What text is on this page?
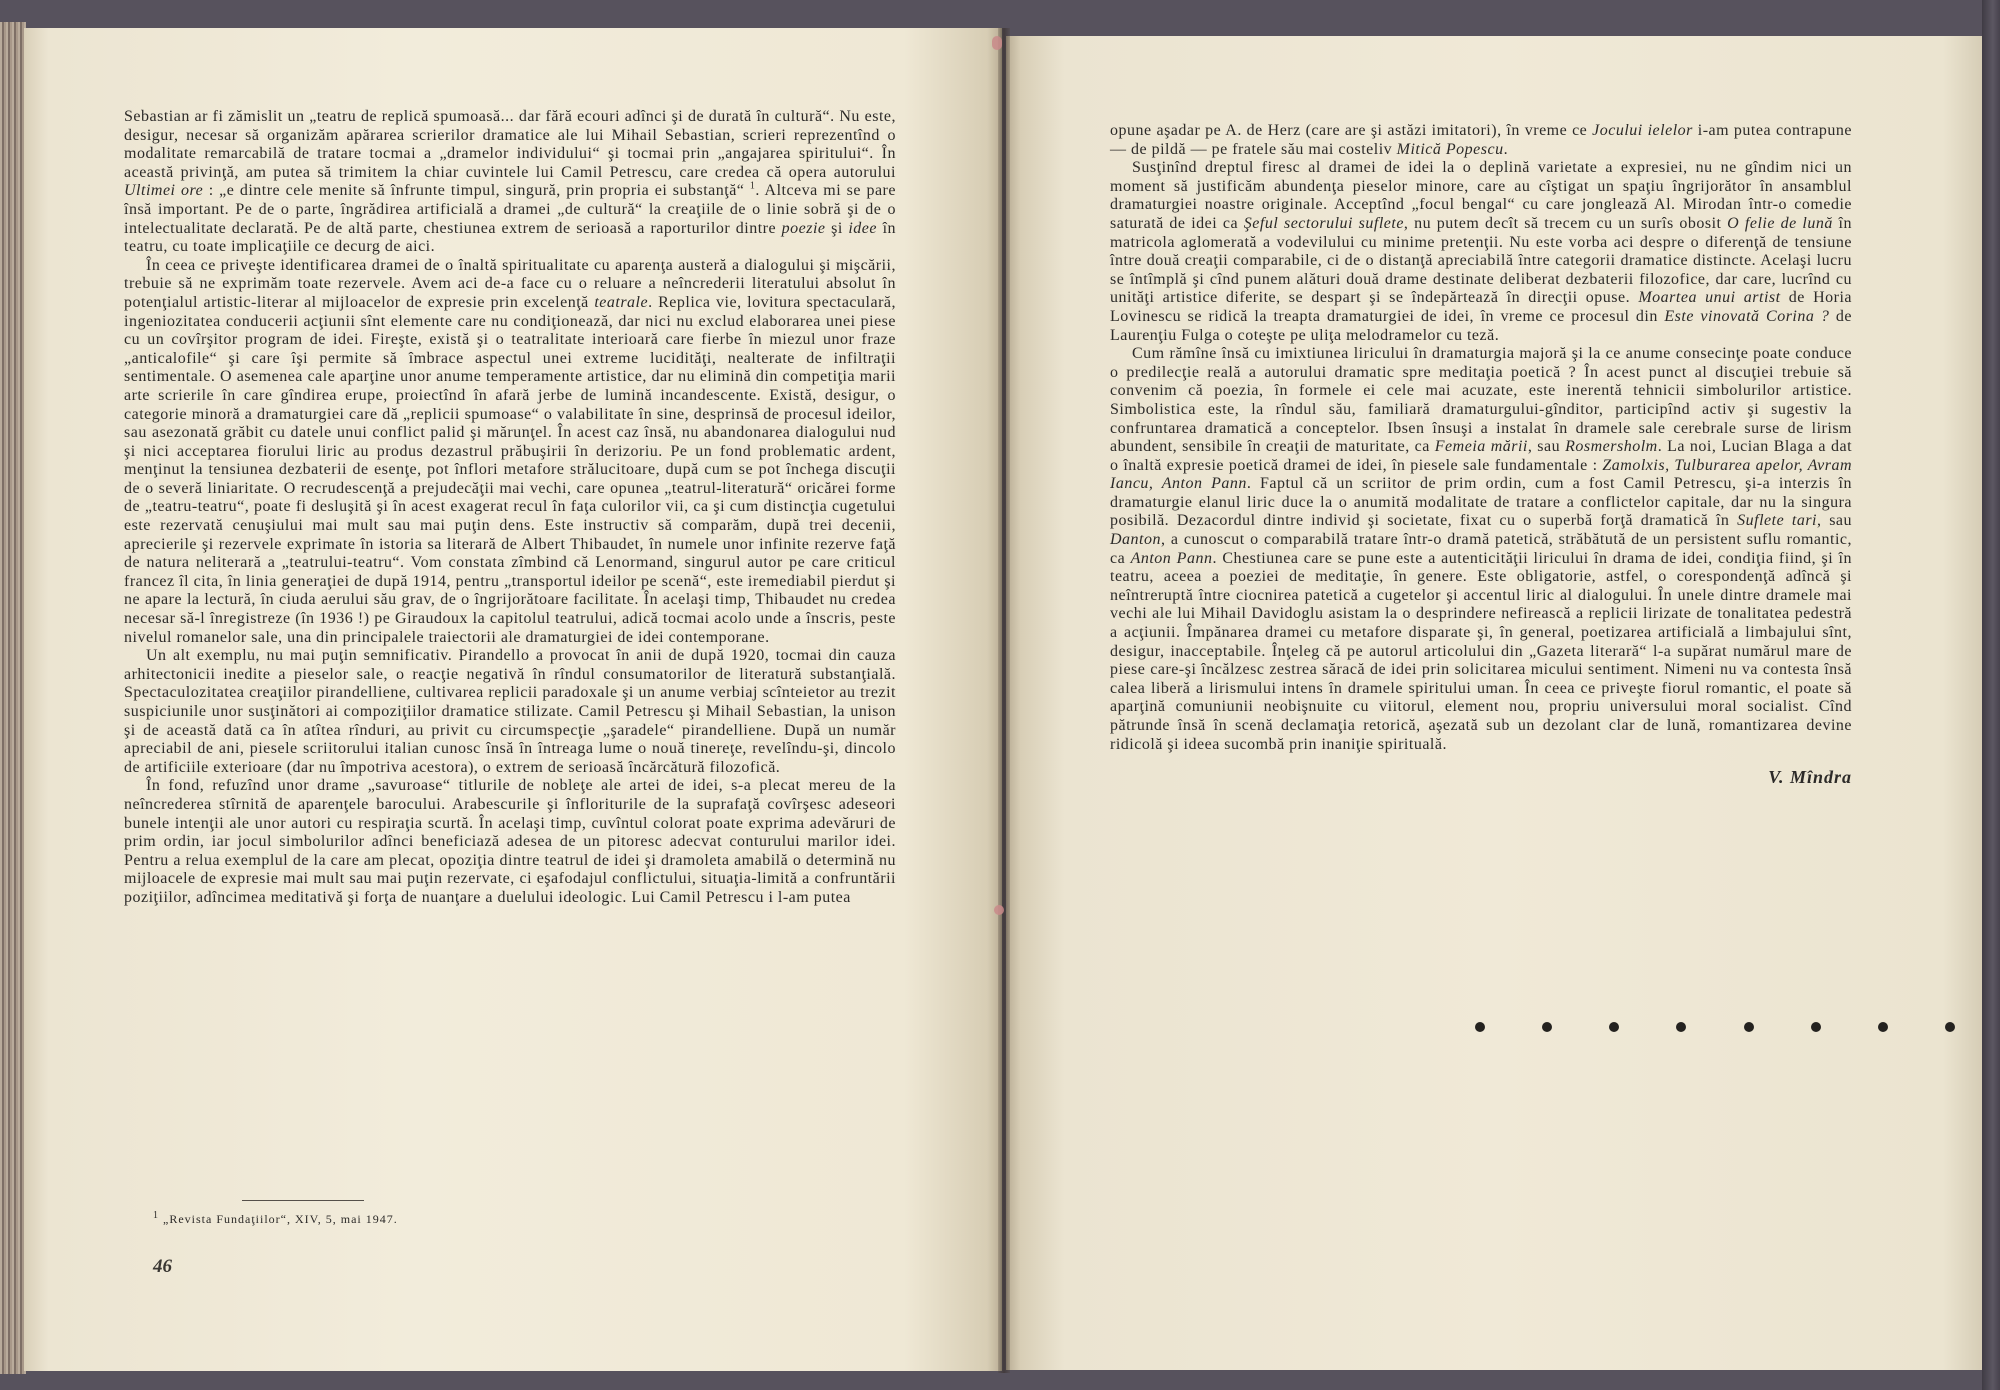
Sebastian ar fi zămislit un „teatru de replică spumoasă... dar fără ecouri adînci şi de durată în cultură“. Nu este, desigur, necesar să organizăm apărarea scrierilor dramatice ale lui Mihail Sebastian, scrieri reprezentînd o modalitate remarcabilă de tratare tocmai a „dramelor individului“ şi tocmai prin „angajarea spiritului“. În această privinţă, am putea să trimitem la chiar cuvintele lui Camil Petrescu, care credea că opera autorului Ultimei ore : „e dintre cele menite să înfrunte timpul, singură, prin propria ei substanţă“ $^1$. Altceva mi se pare însă important. Pe de o parte, îngrădirea artificială a dramei „de cultură“ la creaţiile de o linie sobră şi de o intelectualitate declarată. Pe de altă parte, chestiunea extrem de serioasă a raporturilor dintre poezie şi idee în teatru, cu toate implicaţiile ce decurg de aici.

În ceea ce priveşte identificarea dramei de o înaltă spiritualitate cu aparenţa austeră a dialogului şi mişcării, trebuie să ne exprimăm toate rezervele. Avem aci de-a face cu o reluare a neîncrederii literatului absolut în potenţialul artistic-literar al mijloacelor de expresie prin excelenţă teatrale. Replica vie, lovitura spectaculară, ingeniozitatea conducerii acţiunii sînt elemente care nu condiţionează, dar nici nu exclud elaborarea unei piese cu un covîrşitor program de idei. Fireşte, există şi o teatralitate interioară care fierbe în miezul unor fraze „anticalofile“ şi care îşi permite să îmbrace aspectul unei extreme lucidităţi, nealterate de infiltraţii sentimentale. O asemenea cale aparţine unor anume temperamente artistice, dar nu elimină din competiţia marii arte scrierile în care gîndirea erupe, proiectînd în afară jerbe de lumină incandescente. Există, desigur, o categorie minoră a dramaturgiei care dă „replicii spumoase“ o valabilitate în sine, desprinsă de procesul ideilor, sau asezonată grăbit cu datele unui conflict palid şi mărunţel. În acest caz însă, nu abandonarea dialogului nud şi nici acceptarea fiorului liric au produs dezastrul prăbuşirii în derizoriu. Pe un fond problematic ardent, menţinut la tensiunea dezbaterii de esenţe, pot înflori metafore strălucitoare, după cum se pot închega discuţii de o severă liniaritate. O recrudescenţă a prejudecăţii mai vechi, care opunea „teatrul-literatură“ oricărei forme de „teatru-teatru“, poate fi desluşită şi în acest exagerat recul în faţa culorilor vii, ca şi cum distincţia cugetului este rezervată cenuşiului mai mult sau mai puţin dens. Este instructiv să comparăm, după trei decenii, aprecierile şi rezervele exprimate în istoria sa literară de Albert Thibaudet, în numele unor infinite rezerve faţă de natura neliterară a „teatrului-teatru“. Vom constata zîmbind că Lenormand, singurul autor pe care criticul francez îl cita, în linia generaţiei de după 1914, pentru „transportul ideilor pe scenă“, este iremediabil pierdut şi ne apare la lectură, în ciuda aerului său grav, de o îngrijorătoare facilitate. În acelaşi timp, Thibaudet nu credea necesar să-l înregistreze (în 1936 !) pe Giraudoux la capitolul teatrului, adică tocmai acolo unde a înscris, peste nivelul romanelor sale, una din principalele traiectorii ale dramaturgiei de idei contemporane.

Un alt exemplu, nu mai puţin semnificativ. Pirandello a provocat în anii de după 1920, tocmai din cauza arhitectonicii inedite a pieselor sale, o reacţie negativă în rîndul consumatorilor de literatură substanţială. Spectaculozitatea creaţiilor pirandelliene, cultivarea replicii paradoxale şi un anume verbiaj scînteietor au trezit suspiciunile unor susţinători ai compoziţiilor dramatice stilizate. Camil Petrescu şi Mihail Sebastian, la unison şi de această dată ca în atîtea rînduri, au privit cu circumspecţie „şaradele“ pirandelliene. După un număr apreciabil de ani, piesele scriitorului italian cunosc însă în întreaga lume o nouă tinereţe, revelîndu-şi, dincolo de artificiile exterioare (dar nu împotriva acestora), o extrem de serioasă încărcătură filozofică.

În fond, refuzînd unor drame „savuroase“ titlurile de nobleţe ale artei de idei, s-a plecat mereu de la neîncrederea stîrnită de aparenţele barocului. Arabescurile şi înfloriturile de la suprafaţă covîrşesc adeseori bunele intenţii ale unor autori cu respiraţia scurtă. În acelaşi timp, cuvîntul colorat poate exprima adevăruri de prim ordin, iar jocul simbolurilor adînci beneficiază adesea de un pitoresc adecvat conturului marilor idei. Pentru a relua exemplul de la care am plecat, opoziţia dintre teatrul de idei şi dramoleta amabilă o determină nu mijloacele de expresie mai mult sau mai puţin rezervate, ci eşafodajul conflictului, situaţia-limită a confruntării poziţiilor, adîncimea meditativă şi forţa de nuanţare a duelului ideologic. Lui Camil Petrescu i l-am putea

$^1$ „Revista Fundaţiilor“, XIV, 5, mai 1947.
46

opune aşadar pe A. de Herz (care are şi astăzi imitatori), în vreme ce Jocului ielelor i-am putea contrapune — de pildă — pe fratele său mai costeliv Mitică Popescu.

Susţinînd dreptul firesc al dramei de idei la o deplină varietate a expresiei, nu ne gîndim nici un moment să justificăm abundenţa pieselor minore, care au cîştigat un spaţiu îngrijorător în ansamblul dramaturgiei noastre originale. Acceptînd „focul bengal“ cu care jonglează Al. Mirodan într-o comedie saturată de idei ca Şeful sectorului suflete, nu putem decît să trecem cu un surîs obosit O felie de lună în matricola aglomerată a vodevilului cu minime pretenţii. Nu este vorba aci despre o diferenţă de tensiune între două creaţii comparabile, ci de o distanţă apreciabilă între categorii dramatice distincte. Acelaşi lucru se întîmplă şi cînd punem alături două drame destinate deliberat dezbaterii filozofice, dar care, lucrînd cu unităţi artistice diferite, se despart şi se îndepărtează în direcţii opuse. Moartea unui artist de Horia Lovinescu se ridică la treapta dramaturgiei de idei, în vreme ce procesul din Este vinovată Corina ? de Laurenţiu Fulga o coteşte pe uliţa melodramelor cu teză.

Cum rămîne însă cu imixtiunea liricului în dramaturgia majoră şi la ce anume consecinţe poate conduce o predilecţie reală a autorului dramatic spre meditaţia poetică ? În acest punct al discuţiei trebuie să convenim că poezia, în formele ei cele mai acuzate, este inerentă tehnicii simbolurilor artistice. Simbolistica este, la rîndul său, familiară dramaturgului-gînditor, participînd activ şi sugestiv la confruntarea dramatică a conceptelor. Ibsen însuşi a instalat în dramele sale cerebrale surse de lirism abundent, sensibile în creaţii de maturitate, ca Femeia mării, sau Rosmersholm. La noi, Lucian Blaga a dat o înaltă expresie poetică dramei de idei, în piesele sale fundamentale : Zamolxis, Tulburarea apelor, Avram Iancu, Anton Pann. Faptul că un scriitor de prim ordin, cum a fost Camil Petrescu, şi-a interzis în dramaturgie elanul liric duce la o anumită modalitate de tratare a conflictelor capitale, dar nu la singura posibilă. Dezacordul dintre individ şi societate, fixat cu o superbă forţă dramatică în Suflete tari, sau Danton, a cunoscut o comparabilă tratare într-o dramă patetică, străbătută de un persistent suflu romantic, ca Anton Pann. Chestiunea care se pune este a autenticităţii liricului în drama de idei, condiţia fiind, şi în teatru, aceea a poeziei de meditaţie, în genere. Este obligatorie, astfel, o corespondenţă adîncă şi neîntreruptă între ciocnirea patetică a cugetelor şi accentul liric al dialogului. În unele dintre dramele mai vechi ale lui Mihail Davidoglu asistam la o desprindere nefirească a replicii lirizate de tonalitatea pedestră a acţiunii. Împănarea dramei cu metafore disparate şi, în general, poetizarea artificială a limbajului sînt, desigur, inacceptabile. Înţeleg că pe autorul articolului din „Gazeta literară“ l-a supărat numărul mare de piese care-şi încălzesc zestrea săracă de idei prin solicitarea micului sentiment. Nimeni nu va contesta însă calea liberă a lirismului intens în dramele spiritului uman. În ceea ce priveşte fiorul romantic, el poate să aparţină comuniunii neobişnuite cu viitorul, element nou, propriu universului moral socialist. Cînd pătrunde însă în scenă declamaţia retorică, aşezată sub un dezolant clar de lună, romantizarea devine ridicolă şi ideea sucombă prin inaniţie spirituală.

V. Mîndra
